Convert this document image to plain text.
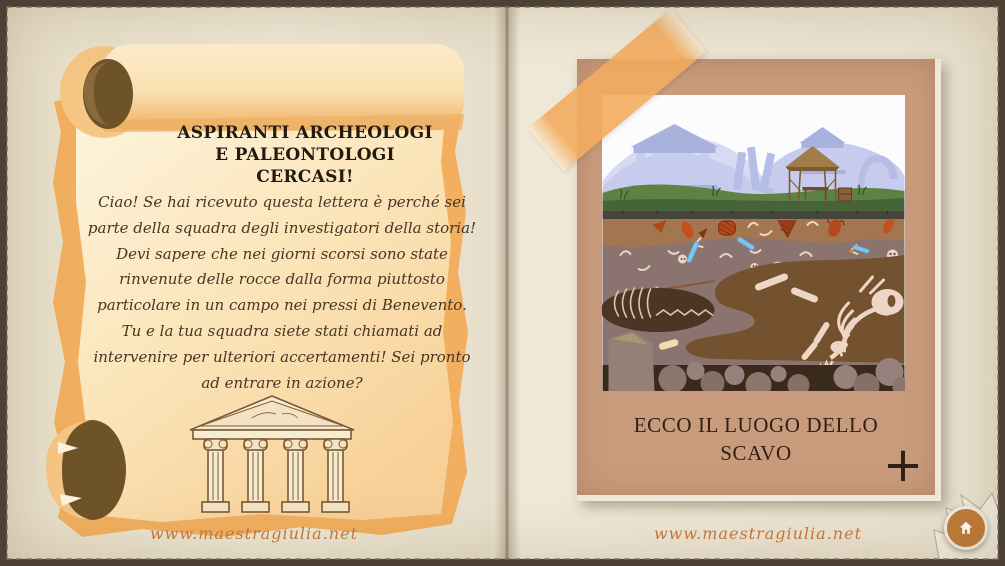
ASPIRANTI ARCHEOLOGI E PALEONTOLOGI CERCASI!
Ciao! Se hai ricevuto questa lettera è perché sei parte della squadra degli investigatori della storia! Devi sapere che nei giorni scorsi sono state rinvenute delle rocce dalla forma piuttosto particolare in un campo nei pressi di Benevento. Tu e la tua squadra siete stati chiamati ad intervenire per ulteriori accertamenti! Sei pronto ad entrare in azione?
www.maestragiulia.net
ECCO IL LUOGO DELLO SCAVO	+
www.maestragiulia.net
